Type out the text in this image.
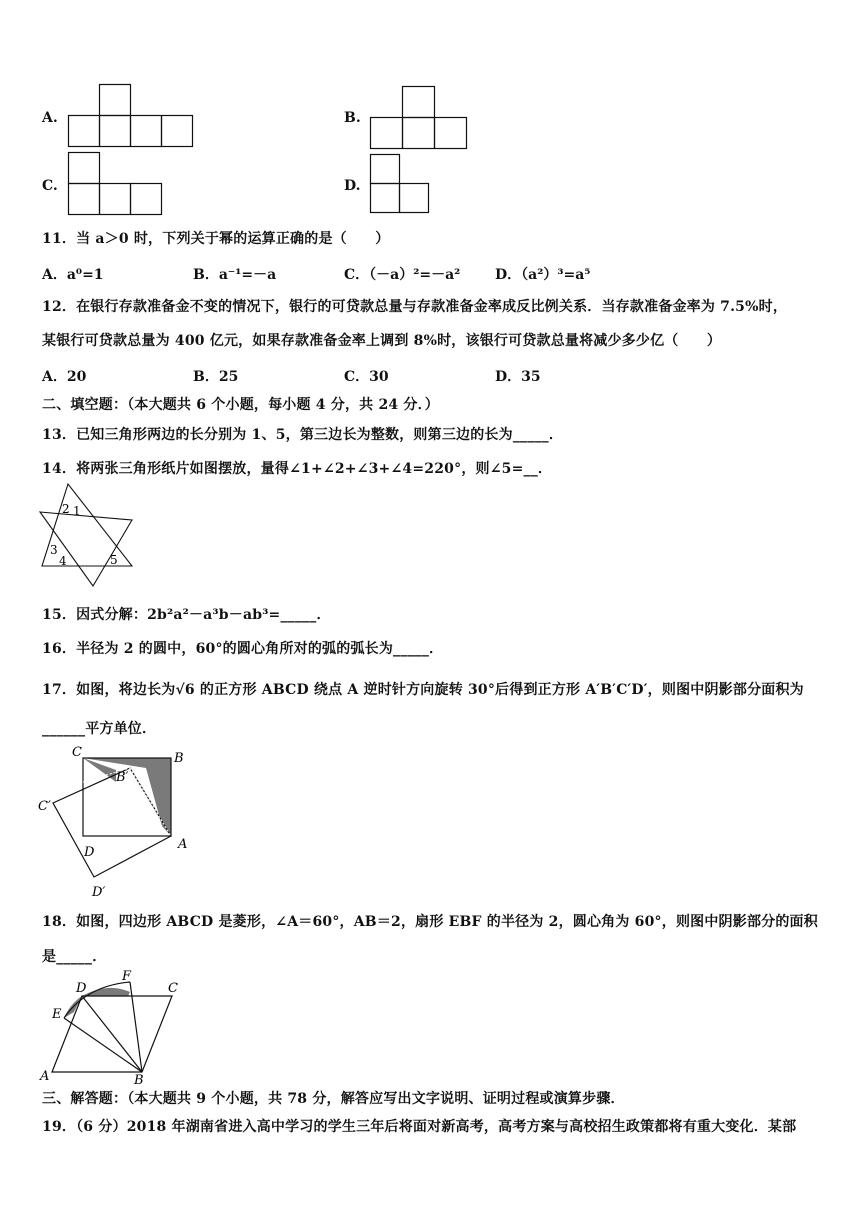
A.	B.
C.	D.
11．当 a＞0 时，下列关于幂的运算正确的是（　　）
A．a⁰=1	B．a⁻¹=－a	C．（－a）²=－a² D．（a²）³=a⁵
12．在银行存款准备金不变的情况下，银行的可贷款总量与存款准备金率成反比例关系．当存款准备金率为 7.5%时，
某银行可贷款总量为 400 亿元，如果存款准备金率上调到 8%时，该银行可贷款总量将减少多少亿（　　）
A．20	B．25	C．30	D．35
二、填空题：（本大题共 6 个小题，每小题 4 分，共 24 分．）
13．已知三角形两边的长分别为 1、5，第三边长为整数，则第三边的长为_____．
14．将两张三角形纸片如图摆放，量得∠1+∠2+∠3+∠4=220°，则∠5=__．
1
2
3
4	5
15．因式分解：2b²a²－a³b－ab³=_____．
16．半径为 2 的圆中，60°的圆心角所对的弧的弧长为_____．
17．如图，将边长为√6 的正方形 ABCD 绕点 A 逆时针方向旋转 30°后得到正方形 A′B′C′D′，则图中阴影部分面积为
______平方单位．
C	B
B′
C′
D
A
D′
18．如图，四边形 ABCD 是菱形，∠A＝60°，AB＝2，扇形 EBF 的半径为 2，圆心角为 60°，则图中阴影部分的面积
是_____．
D
F
C
E
A	B
三、解答题：（本大题共 9 个小题，共 78 分，解答应写出文字说明、证明过程或演算步骤．
19．（6 分）2018 年湖南省进入高中学习的学生三年后将面对新高考，高考方案与高校招生政策都将有重大变化．某部
